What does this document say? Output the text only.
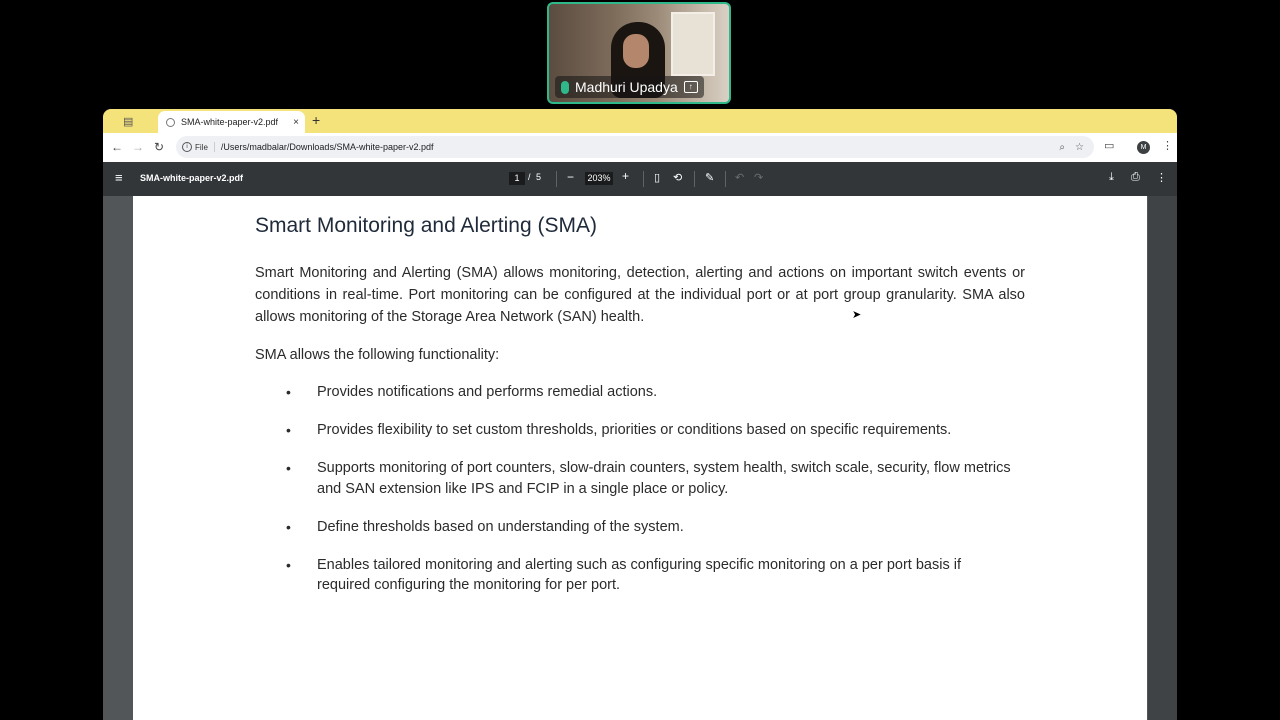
Madhuri Upadya	↑
▤	SMA-white-paper-v2.pdf	× +
← → ↻	i File /Users/madbalar/Downloads/SMA-white-paper-v2.pdf	⌕ ☆ ▭	M	⋮
≡ SMA-white-paper-v2.pdf	1 / 5 − 203% + ▯ ⟲ ✎ ↶ ↷	⤓ ⎙ ⋮
Smart Monitoring and Alerting (SMA)
Smart Monitoring and Alerting (SMA) allows monitoring, detection, alerting and actions on important switch events or conditions in real-time. Port monitoring can be configured at the individual port or at port group granularity. SMA also allows monitoring of the Storage Area Network (SAN) health.
SMA allows the following functionality:
• Provides notifications and performs remedial actions.
• Provides flexibility to set custom thresholds, priorities or conditions based on specific requirements.
• Supports monitoring of port counters, slow-drain counters, system health, switch scale, security, flow metrics and SAN extension like IPS and FCIP in a single place or policy.
• Define thresholds based on understanding of the system.
• Enables tailored monitoring and alerting such as configuring specific monitoring on a per port basis if required configuring the monitoring for per port.
➤
